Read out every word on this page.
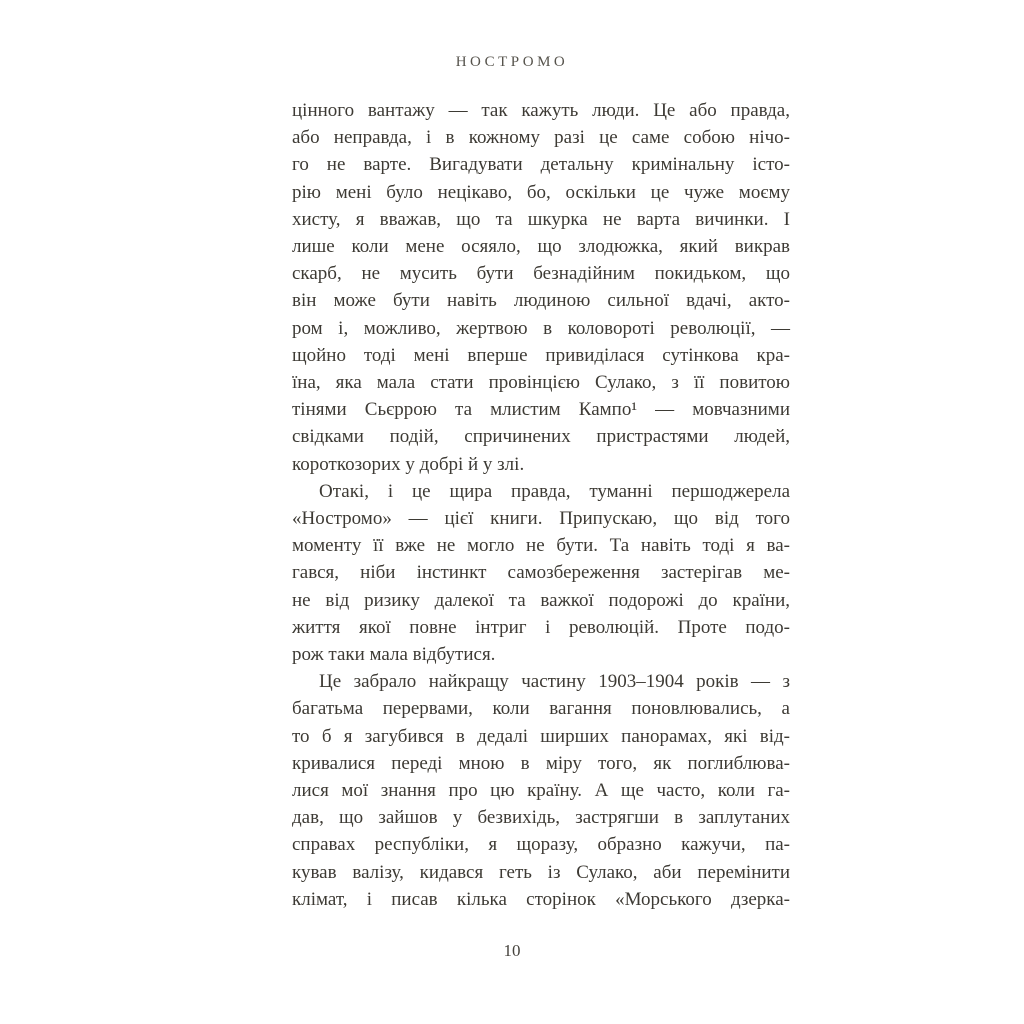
НОСТРОМО
цінного вантажу — так кажуть люди. Це або правда,
або неправда, і в кожному разі це саме собою нічо-
го не варте. Вигадувати детальну кримінальну істо-
рію мені було нецікаво, бо, оскільки це чуже моєму
хисту, я вважав, що та шкурка не варта вичинки. І
лише коли мене осяяло, що злодюжка, який викрав
скарб, не мусить бути безнадійним покидьком, що
він може бути навіть людиною сильної вдачі, акто-
ром і, можливо, жертвою в коловороті революції, —
щойно тоді мені вперше привиділася сутінкова кра-
їна, яка мала стати провінцією Сулако, з її повитою
тінями Сьєррою та млистим Кампо¹ — мовчазними
свідками подій, спричинених пристрастями людей,
короткозорих у добрі й у злі.
Отакі, і це щира правда, туманні першоджерела
«Ностромо» — цієї книги. Припускаю, що від того
моменту її вже не могло не бути. Та навіть тоді я ва-
гався, ніби інстинкт самозбереження застерігав ме-
не від ризику далекої та важкої подорожі до країни,
життя якої повне інтриг і революцій. Проте подо-
рож таки мала відбутися.
Це забрало найкращу частину 1903–1904 років — з
багатьма перервами, коли вагання поновлювались, а
то б я загубився в дедалі ширших панорамах, які від-
кривалися переді мною в міру того, як поглиблюва-
лися мої знання про цю країну. А ще часто, коли га-
дав, що зайшов у безвихідь, застрягши в заплутаних
справах республіки, я щоразу, образно кажучи, па-
кував валізу, кидався геть із Сулако, аби перемінити
клімат, і писав кілька сторінок «Морського дзерка-
10
